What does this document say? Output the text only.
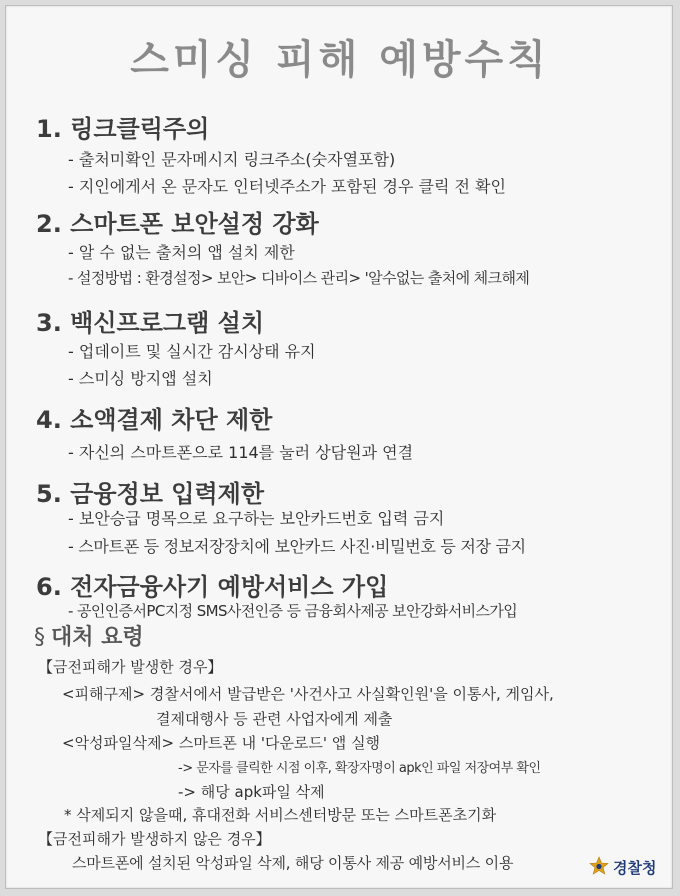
스미싱 피해 예방수칙
1. 링크클릭주의
- 출처미확인 문자메시지 링크주소(숫자열포함)
- 지인에게서 온 문자도 인터넷주소가 포함된 경우 클릭 전 확인
2. 스마트폰 보안설정 강화
- 알 수 없는 출처의 앱 설치 제한
- 설정방법 : 환경설정> 보안> 디바이스 관리> '알수없는 출처에 체크해제
3. 백신프로그램 설치
- 업데이트 및 실시간 감시상태 유지
- 스미싱 방지앱 설치
4. 소액결제 차단 제한
- 자신의 스마트폰으로 114를 눌러 상담원과 연결
5. 금융정보 입력제한
- 보안승급 명목으로 요구하는 보안카드번호 입력 금지
- 스마트폰 등 정보저장장치에 보안카드 사진·비밀번호 등 저장 금지
6. 전자금융사기 예방서비스 가입
- 공인인증서PC지정 SMS사전인증 등 금융회사제공 보안강화서비스가입
§ 대처 요령
【금전피해가 발생한 경우】
<피해구제> 경찰서에서 발급받은 '사건사고 사실확인원'을 이통사, 게임사,
결제대행사 등 관련 사업자에게 제출
<악성파일삭제> 스마트폰 내 '다운로드' 앱 실행
-> 문자를 클릭한 시점 이후, 확장자명이 apk인 파일 저장여부 확인
-> 해당 apk파일 삭제
* 삭제되지 않을때, 휴대전화 서비스센터방문 또는 스마트폰초기화
【금전피해가 발생하지 않은 경우】
스마트폰에 설치된 악성파일 삭제, 해당 이통사 제공 예방서비스 이용	경찰청
